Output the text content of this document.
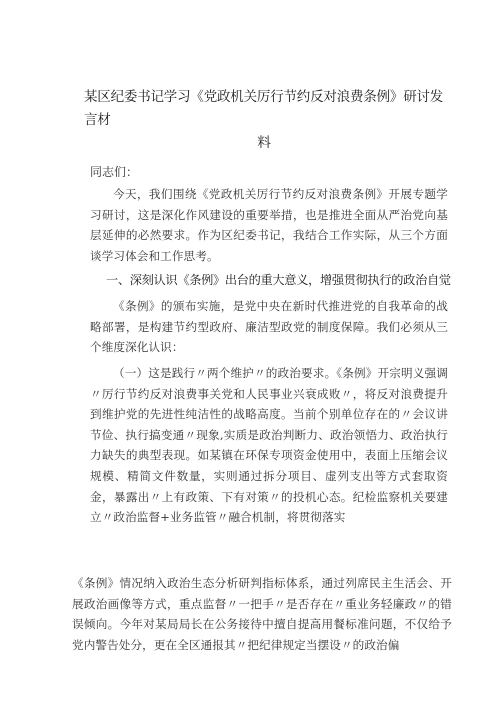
某区纪委书记学习《党政机关厉行节约反对浪费条例》研讨发言材
料
同志们：

今天，我们围绕《党政机关厉行节约反对浪费条例》开展专题学习研讨，这是深化作风建设的重要举措，也是推进全面从严治党向基层延伸的必然要求。作为区纪委书记，我结合工作实际，从三个方面谈学习体会和工作思考。

一、深刻认识《条例》出台的重大意义，增强贯彻执行的政治自觉

《条例》的颁布实施，是党中央在新时代推进党的自我革命的战略部署，是构建节约型政府、廉洁型政党的制度保障。我们必须从三个维度深化认识：

（一）这是践行〃两个维护〃的政治要求。《条例》开宗明义强调〃厉行节约反对浪费事关党和人民事业兴衰成败〃，将反对浪费提升到维护党的先进性纯洁性的战略高度。当前个别单位存在的〃会议讲节俭、执行搞变通〃现象,实质是政治判断力、政治领悟力、政治执行力缺失的典型表现。如某镇在环保专项资金使用中，表面上压缩会议规模、精简文件数量，实则通过拆分项目、虚列支出等方式套取资金，暴露出〃上有政策、下有对策〃的投机心态。纪检监察机关要建立〃政治监督+业务监管〃融合机制，将贯彻落实

《条例》情况纳入政治生态分析研判指标体系，通过列席民主生活会、开展政治画像等方式，重点监督〃一把手〃是否存在〃重业务轻廉政〃的错误倾向。今年对某局局长在公务接待中擅自提高用餐标准问题，不仅给予党内警告处分，更在全区通报其〃把纪律规定当摆设〃的政治偏
